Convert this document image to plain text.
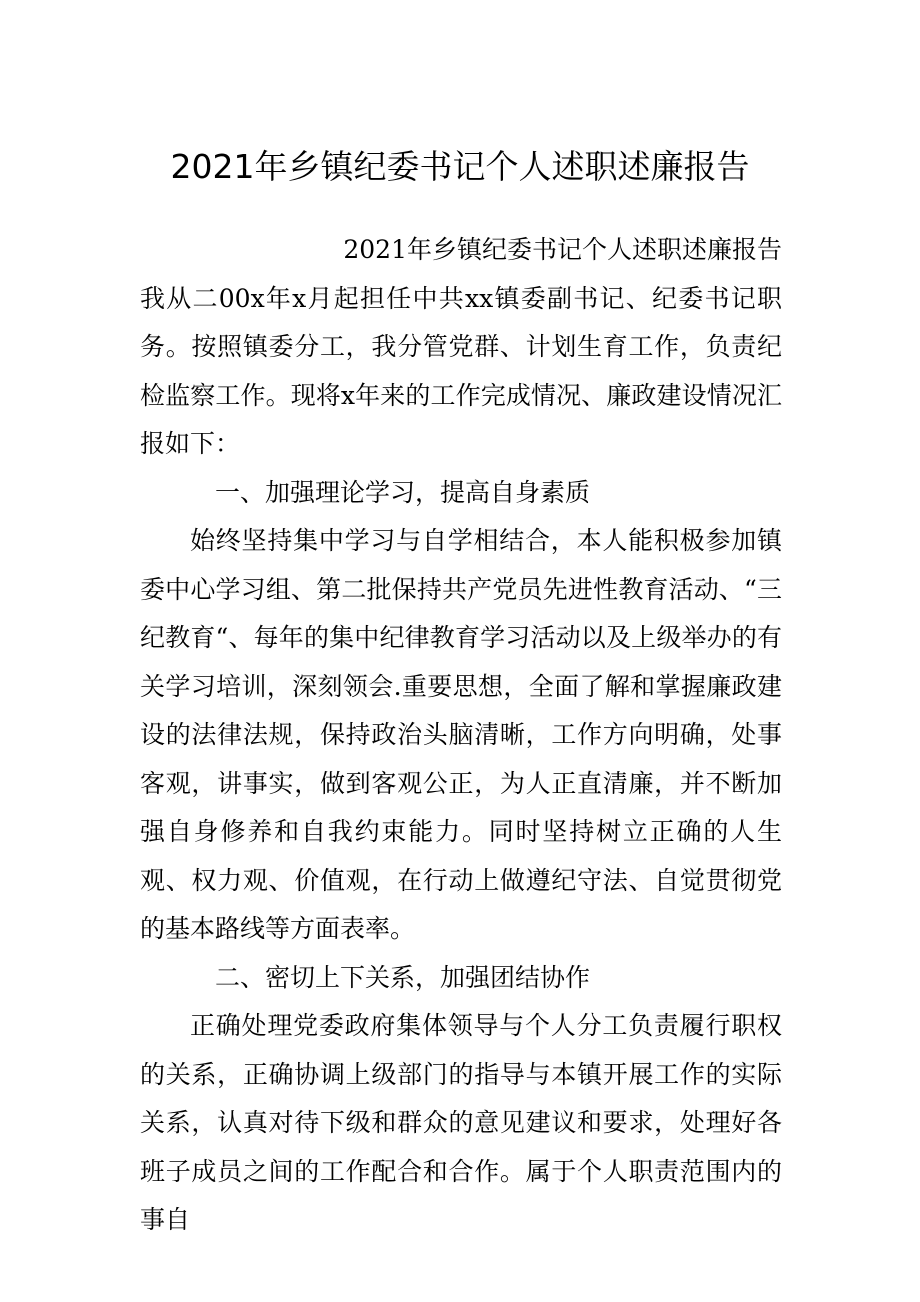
2021年乡镇纪委书记个人述职述廉报告

2021年乡镇纪委书记个人述职述廉报告

我从二00x年x月起担任中共xx镇委副书记、纪委书记职务。按照镇委分工，我分管党群、计划生育工作，负责纪检监察工作。现将x年来的工作完成情况、廉政建设情况汇报如下：

一、加强理论学习，提高自身素质

始终坚持集中学习与自学相结合，本人能积极参加镇委中心学习组、第二批保持共产党员先进性教育活动、“三纪教育“、每年的集中纪律教育学习活动以及上级举办的有关学习培训，深刻领会.重要思想，全面了解和掌握廉政建设的法律法规，保持政治头脑清晰，工作方向明确，处事客观，讲事实，做到客观公正，为人正直清廉，并不断加强自身修养和自我约束能力。同时坚持树立正确的人生观、权力观、价值观，在行动上做遵纪守法、自觉贯彻党的基本路线等方面表率。

二、密切上下关系，加强团结协作

正确处理党委政府集体领导与个人分工负责履行职权的关系，正确协调上级部门的指导与本镇开展工作的实际关系，认真对待下级和群众的意见建议和要求，处理好各班子成员之间的工作配合和合作。属于个人职责范围内的事自
